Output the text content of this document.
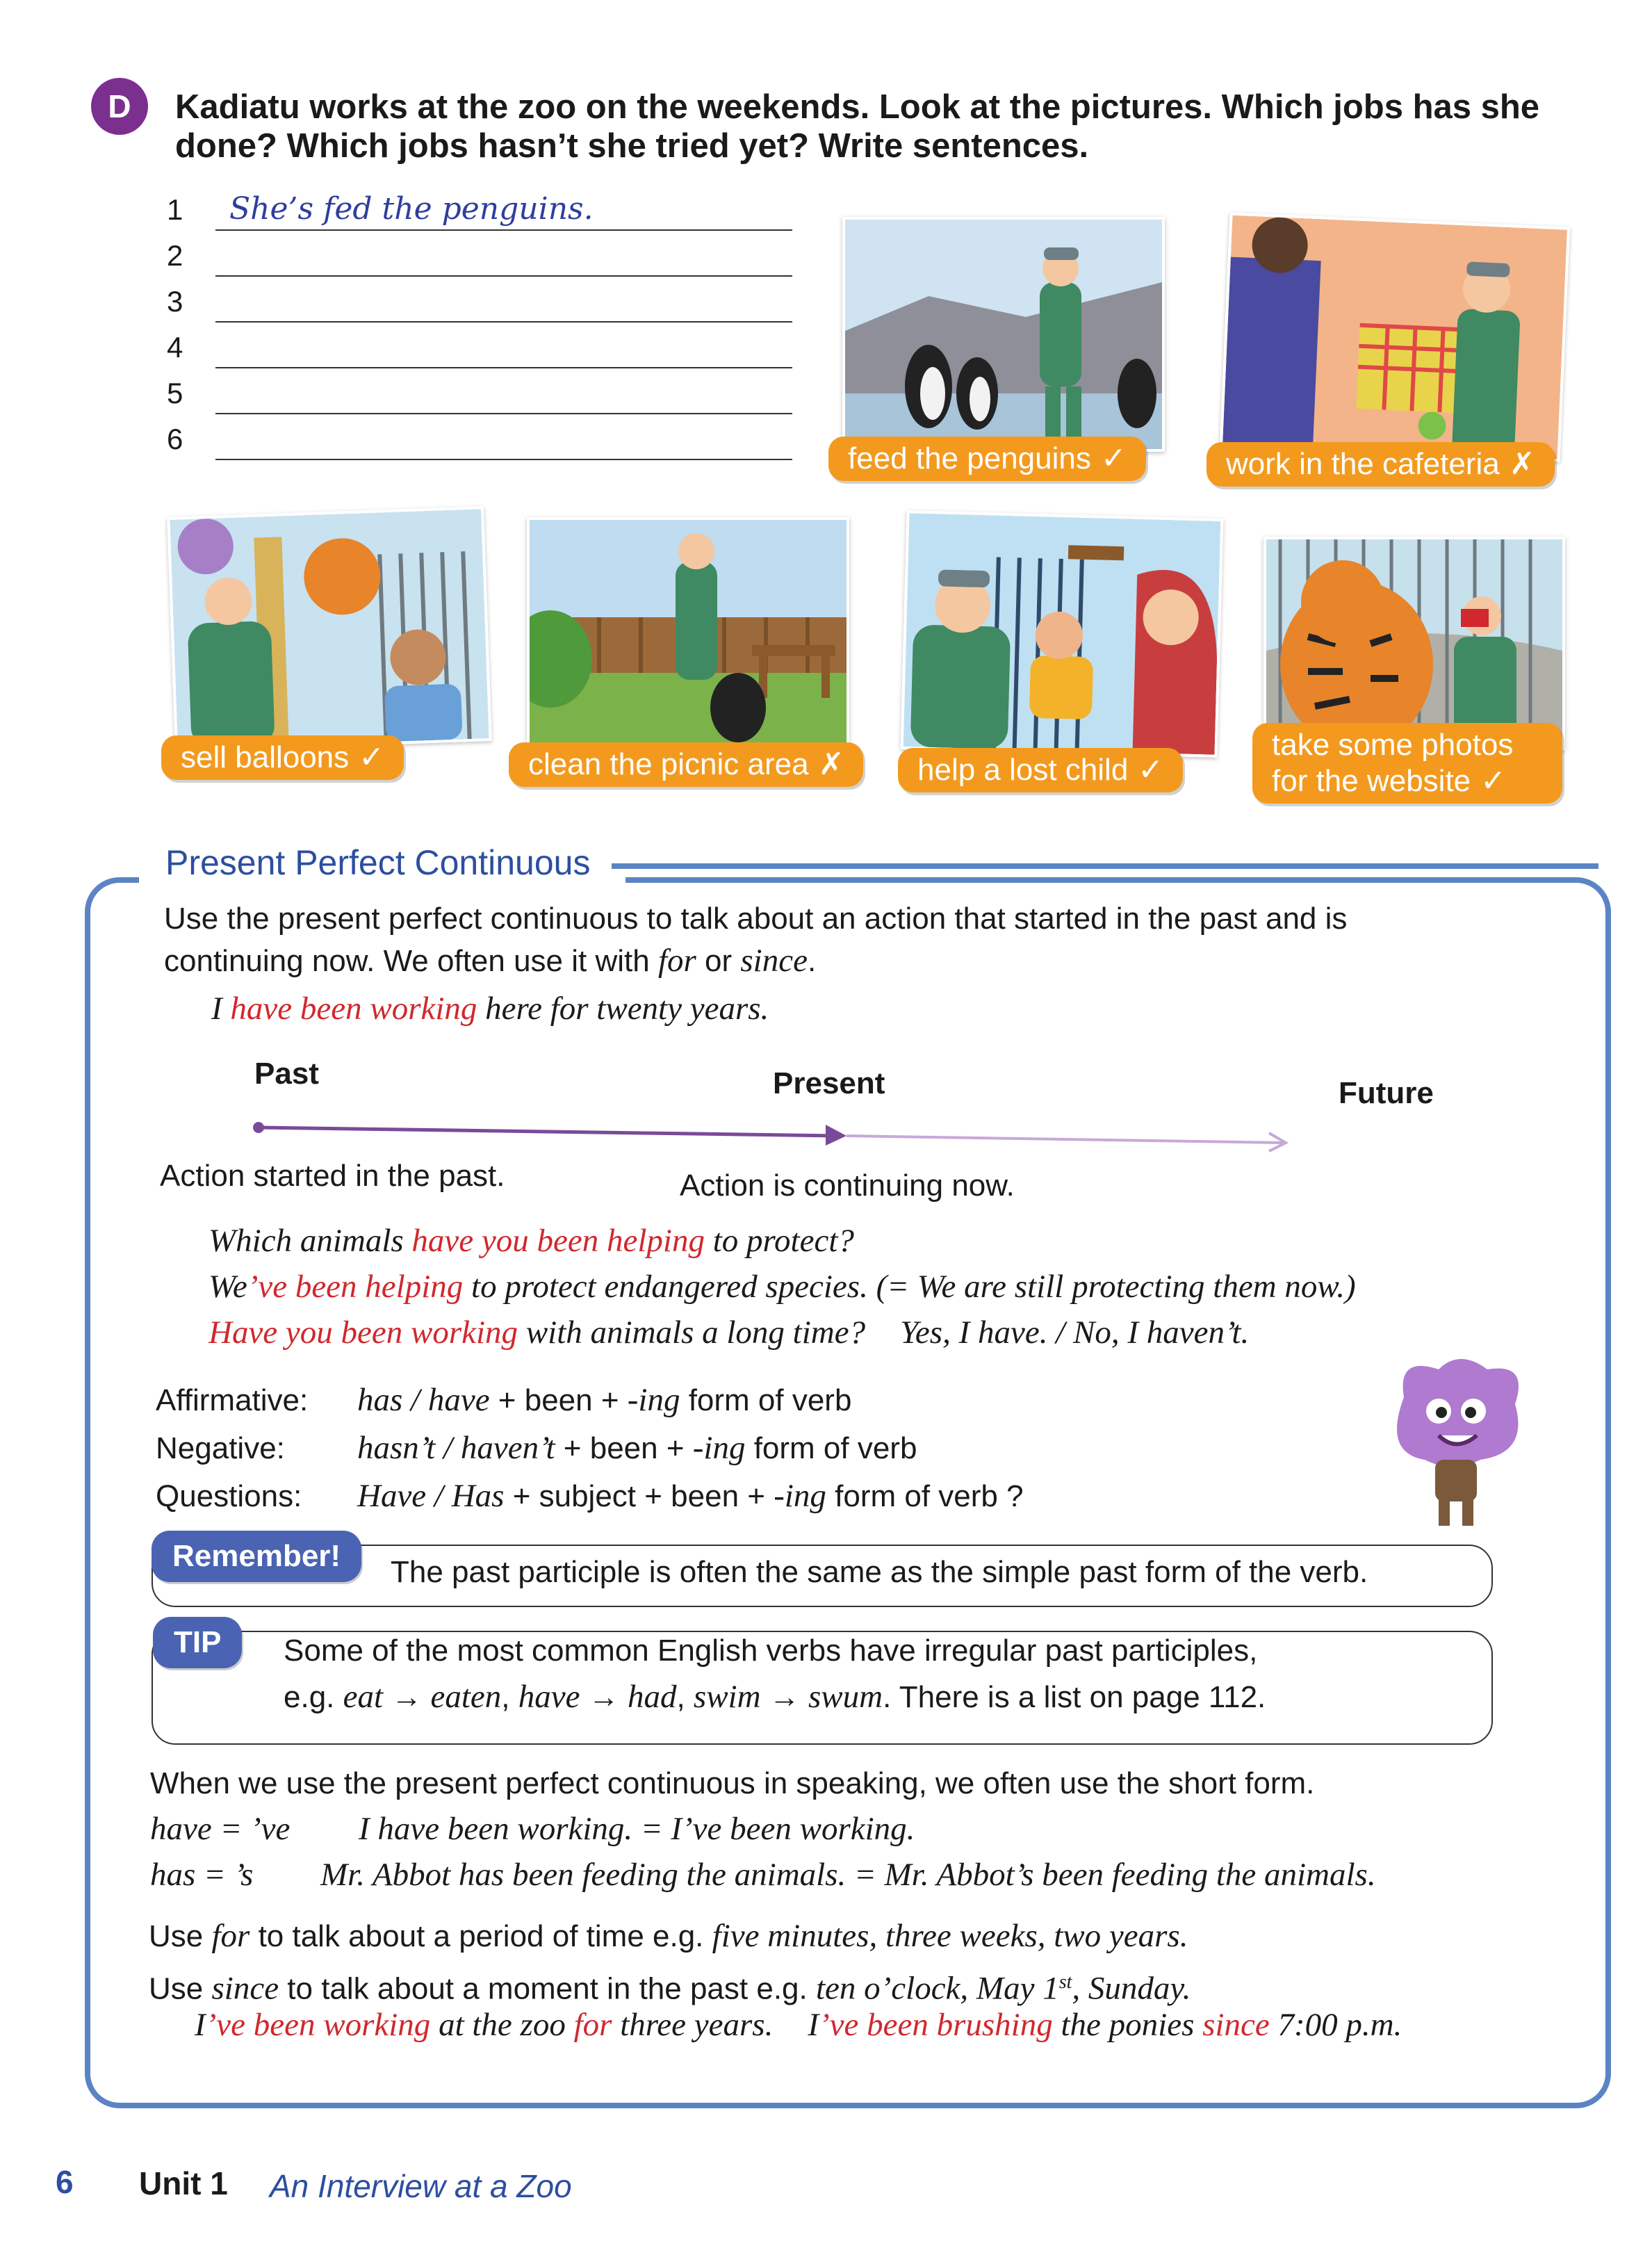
D	Kadiatu works at the zoo on the weekends. Look at the pictures. Which jobs has she done? Which jobs hasn’t she tried yet? Write sentences.
1 She’s fed the penguins.
2
3
4
5
6
feed the penguins ✓	work in the cafeteria ✗
sell balloons ✓	clean the picnic area ✗	help a lost child ✓
take some photos
for the website ✓
Present Perfect Continuous
Use the present perfect continuous to talk about an action that started in the past and is
continuing now. We often use it with for or since.
I have been working here for twenty years.
Past	Present	Future
Action started in the past.	Action is continuing now.
Which animals have you been helping to protect?
We’ve been helping to protect endangered species. (= We are still protecting them now.)
Have you been working with animals a long time? Yes, I have. / No, I haven’t.
Affirmative: has / have + been + -ing form of verb
Negative: hasn’t / haven’t + been + -ing form of verb
Questions: Have / Has + subject + been + -ing form of verb ?
Remember!	The past participle is often the same as the simple past form of the verb.
TIP	Some of the most common English verbs have irregular past participles,
e.g. eat → eaten, have → had, swim → swum. There is a list on page 112.
When we use the present perfect continuous in speaking, we often use the short form.
have = ’ve I have been working. = I’ve been working.
has = ’s Mr. Abbot has been feeding the animals. = Mr. Abbot’s been feeding the animals.
Use for to talk about a period of time e.g. five minutes, three weeks, two years.
Use since to talk about a moment in the past e.g. ten o’clock, May 1st, Sunday.
I’ve been working at the zoo for three years. I’ve been brushing the ponies since 7:00 p.m.
6 Unit 1 An Interview at a Zoo
